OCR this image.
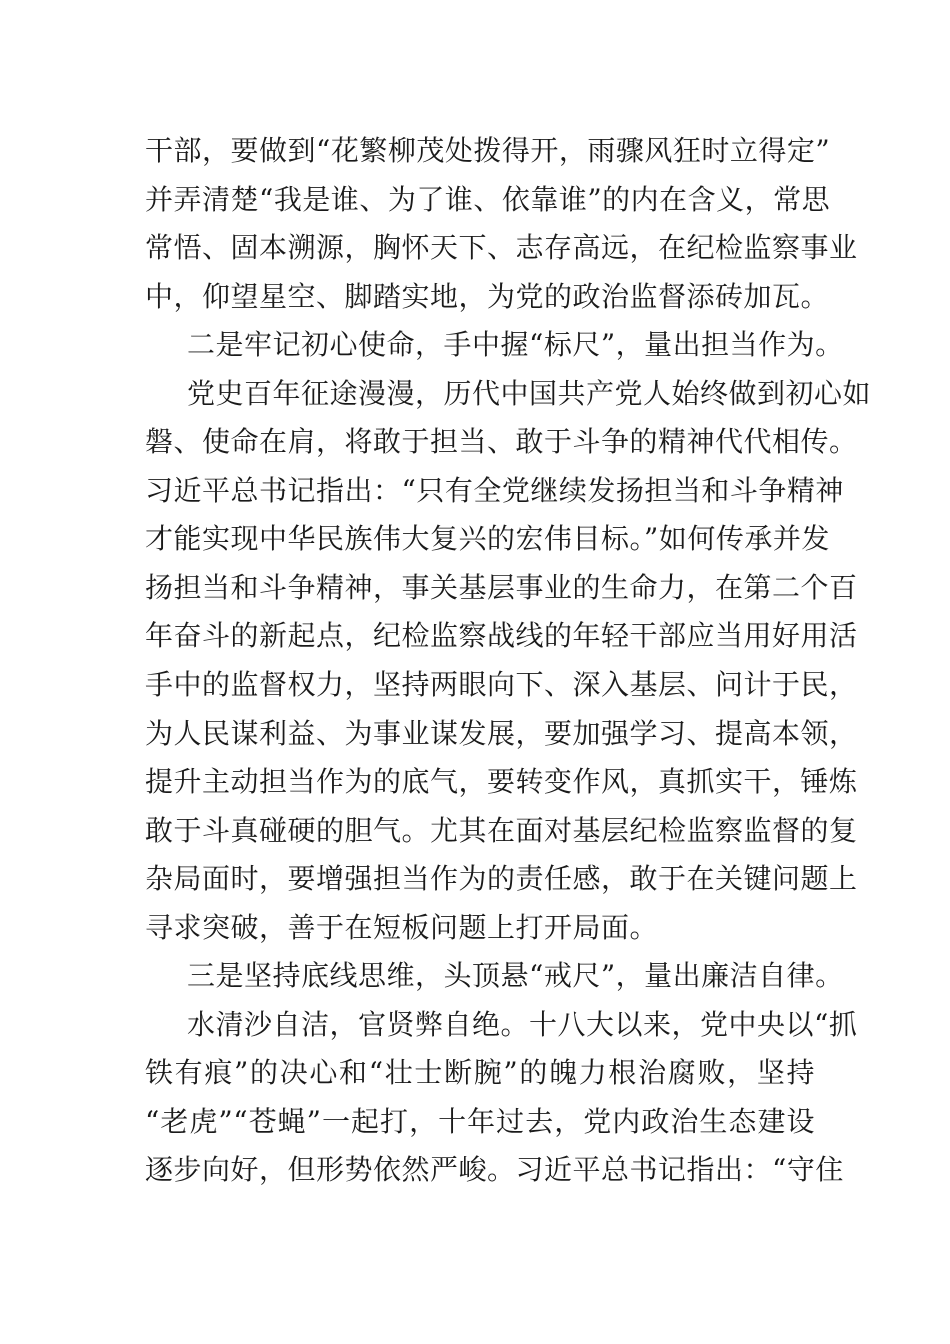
干部，要做到“花繁柳茂处拨得开，雨骤风狂时立得定”
并弄清楚“我是谁、为了谁、依靠谁”的内在含义，常思
常悟、固本溯源，胸怀天下、志存高远，在纪检监察事业
中，仰望星空、脚踏实地，为党的政治监督添砖加瓦。
二是牢记初心使命，手中握“标尺”，量出担当作为。
党史百年征途漫漫，历代中国共产党人始终做到初心如
磐、使命在肩，将敢于担当、敢于斗争的精神代代相传。
习近平总书记指出：“只有全党继续发扬担当和斗争精神
才能实现中华民族伟大复兴的宏伟目标。”如何传承并发
扬担当和斗争精神，事关基层事业的生命力，在第二个百
年奋斗的新起点，纪检监察战线的年轻干部应当用好用活
手中的监督权力，坚持两眼向下、深入基层、问计于民，
为人民谋利益、为事业谋发展，要加强学习、提高本领，
提升主动担当作为的底气，要转变作风，真抓实干，锤炼
敢于斗真碰硬的胆气。尤其在面对基层纪检监察监督的复
杂局面时，要增强担当作为的责任感，敢于在关键问题上
寻求突破，善于在短板问题上打开局面。
三是坚持底线思维，头顶悬“戒尺”，量出廉洁自律。
水清沙自洁，官贤弊自绝。十八大以来，党中央以“抓
铁有痕”的决心和“壮士断腕”的魄力根治腐败，坚持
“老虎”“苍蝇”一起打，十年过去，党内政治生态建设
逐步向好，但形势依然严峻。习近平总书记指出：“守住
